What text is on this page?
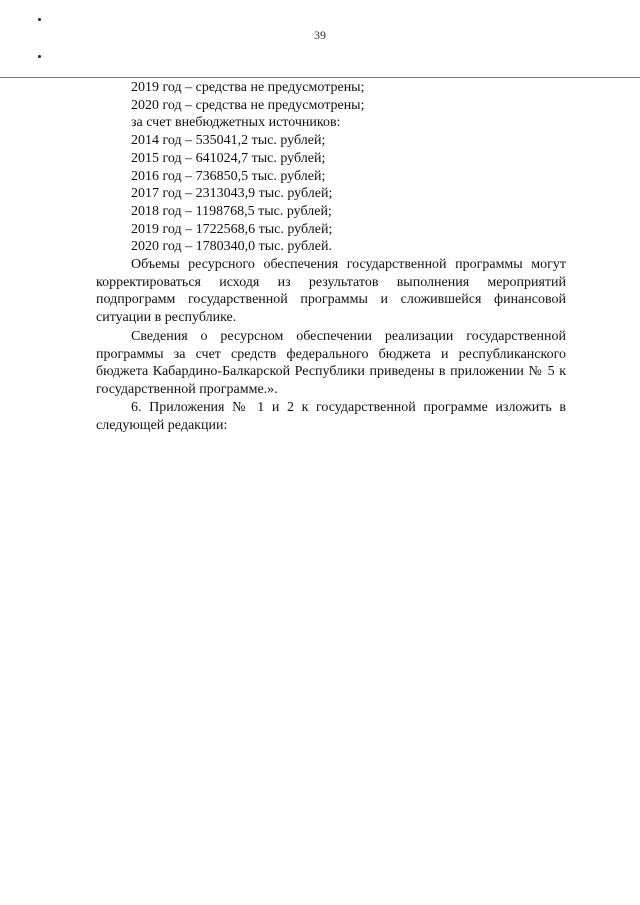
39
2019 год – средства не предусмотрены;
2020 год – средства не предусмотрены;
за счет внебюджетных источников:
2014 год – 535041,2 тыс. рублей;
2015 год – 641024,7 тыс. рублей;
2016 год – 736850,5 тыс. рублей;
2017 год – 2313043,9 тыс. рублей;
2018 год – 1198768,5 тыс. рублей;
2019 год – 1722568,6 тыс. рублей;
2020 год – 1780340,0 тыс. рублей.

Объемы ресурсного обеспечения государственной программы могут корректироваться исходя из результатов выполнения мероприятий подпрограмм государственной программы и сложившейся финансовой ситуации в республике.

Сведения о ресурсном обеспечении реализации государственной программы за счет средств федерального бюджета и республиканского бюджета Кабардино-Балкарской Республики приведены в приложении № 5 к государственной программе.».

6. Приложения № 1 и 2 к государственной программе изложить в следующей редакции:
